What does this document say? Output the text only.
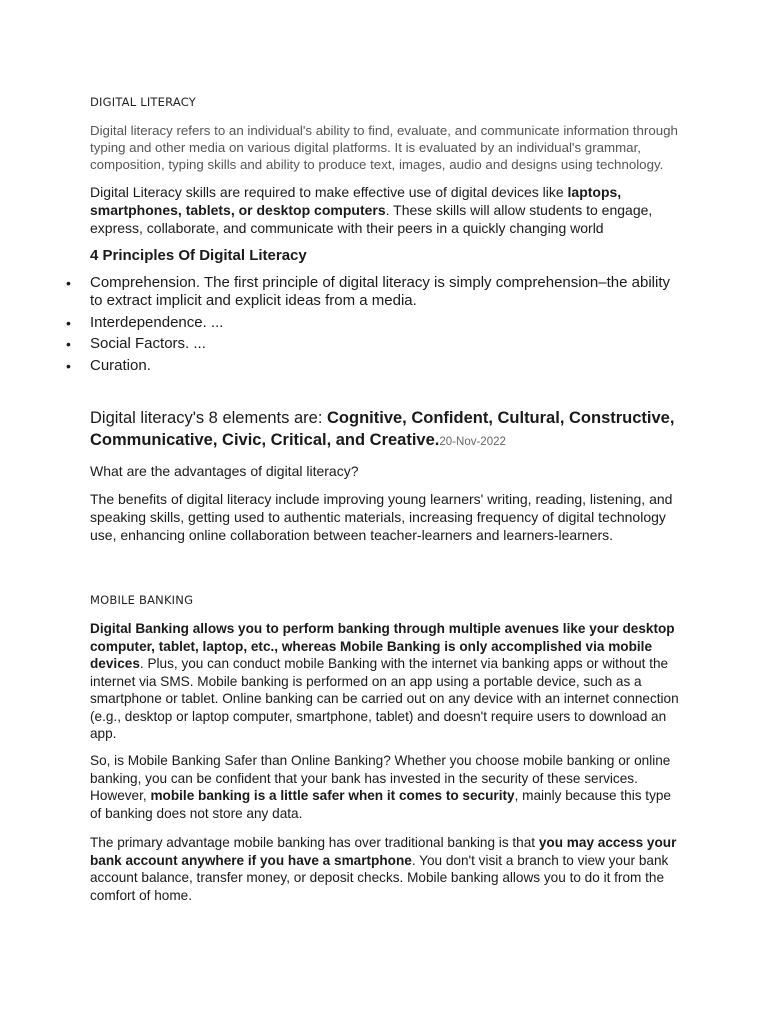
DIGITAL LITERACY

Digital literacy refers to an individual's ability to find, evaluate, and communicate information through typing and other media on various digital platforms. It is evaluated by an individual's grammar, composition, typing skills and ability to produce text, images, audio and designs using technology.

Digital Literacy skills are required to make effective use of digital devices like laptops, smartphones, tablets, or desktop computers. These skills will allow students to engage, express, collaborate, and communicate with their peers in a quickly changing world

4 Principles Of Digital Literacy
• Comprehension. The first principle of digital literacy is simply comprehension–the ability to extract implicit and explicit ideas from a media.
• Interdependence. ...
• Social Factors. ...
• Curation.

Digital literacy's 8 elements are: Cognitive, Confident, Cultural, Constructive, Communicative, Civic, Critical, and Creative.20-Nov-2022

What are the advantages of digital literacy?

The benefits of digital literacy include improving young learners' writing, reading, listening, and speaking skills, getting used to authentic materials, increasing frequency of digital technology use, enhancing online collaboration between teacher-learners and learners-learners.

MOBILE BANKING

Digital Banking allows you to perform banking through multiple avenues like your desktop computer, tablet, laptop, etc., whereas Mobile Banking is only accomplished via mobile devices. Plus, you can conduct mobile Banking with the internet via banking apps or without the internet via SMS. Mobile banking is performed on an app using a portable device, such as a smartphone or tablet. Online banking can be carried out on any device with an internet connection (e.g., desktop or laptop computer, smartphone, tablet) and doesn't require users to download an app.

So, is Mobile Banking Safer than Online Banking? Whether you choose mobile banking or online banking, you can be confident that your bank has invested in the security of these services. However, mobile banking is a little safer when it comes to security, mainly because this type of banking does not store any data.

The primary advantage mobile banking has over traditional banking is that you may access your bank account anywhere if you have a smartphone. You don't visit a branch to view your bank account balance, transfer money, or deposit checks. Mobile banking allows you to do it from the comfort of home.
